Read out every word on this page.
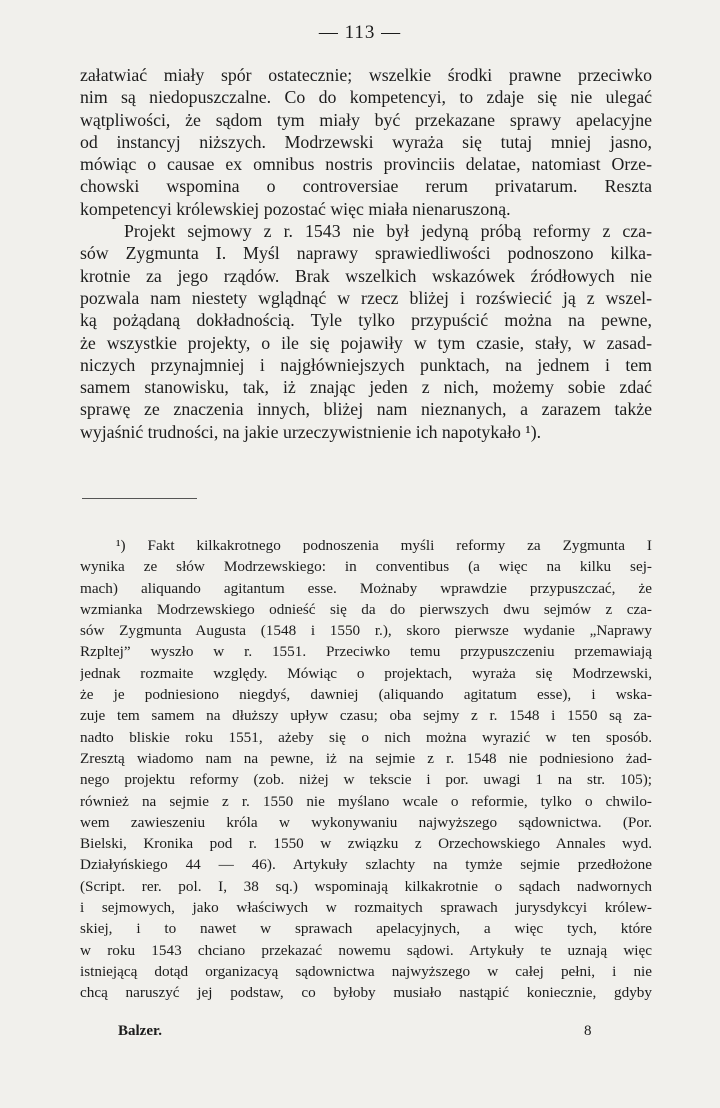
— 113 —
załatwiać miały spór ostatecznie; wszelkie środki prawne przeciwko
nim są niedopuszczalne. Co do kompetencyi, to zdaje się nie ulegać
wątpliwości, że sądom tym miały być przekazane sprawy apelacyjne
od instancyj niższych. Modrzewski wyraża się tutaj mniej jasno,
mówiąc o causae ex omnibus nostris provinciis delatae, natomiast Orze-
chowski wspomina o controversiae rerum privatarum. Reszta
kompetencyi królewskiej pozostać więc miała nienaruszoną.
Projekt sejmowy z r. 1543 nie był jedyną próbą reformy z cza-
sów Zygmunta I. Myśl naprawy sprawiedliwości podnoszono kilka-
krotnie za jego rządów. Brak wszelkich wskazówek źródłowych nie
pozwala nam niestety wglądnąć w rzecz bliżej i rozświecić ją z wszel-
ką pożądaną dokładnością. Tyle tylko przypuścić można na pewne,
że wszystkie projekty, o ile się pojawiły w tym czasie, stały, w zasad-
niczych przynajmniej i najgłówniejszych punktach, na jednem i tem
samem stanowisku, tak, iż znając jeden z nich, możemy sobie zdać
sprawę ze znaczenia innych, bliżej nam nieznanych, a zarazem także
wyjaśnić trudności, na jakie urzeczywistnienie ich napotykało ¹).
¹) Fakt kilkakrotnego podnoszenia myśli reformy za Zygmunta I
wynika ze słów Modrzewskiego: in conventibus (a więc na kilku sej-
mach) aliquando agitantum esse. Możnaby wprawdzie przypuszczać, że
wzmianka Modrzewskiego odnieść się da do pierwszych dwu sejmów z cza-
sów Zygmunta Augusta (1548 i 1550 r.), skoro pierwsze wydanie „Naprawy
Rzpltej” wyszło w r. 1551. Przeciwko temu przypuszczeniu przemawiają
jednak rozmaite względy. Mówiąc o projektach, wyraża się Modrzewski,
że je podniesiono niegdyś, dawniej (aliquando agitatum esse), i wska-
zuje tem samem na dłuższy upływ czasu; oba sejmy z r. 1548 i 1550 są za-
nadto bliskie roku 1551, ażeby się o nich można wyrazić w ten sposób.
Zresztą wiadomo nam na pewne, iż na sejmie z r. 1548 nie podniesiono żad-
nego projektu reformy (zob. niżej w tekscie i por. uwagi 1 na str. 105);
również na sejmie z r. 1550 nie myślano wcale o reformie, tylko o chwilo-
wem zawieszeniu króla w wykonywaniu najwyższego sądownictwa. (Por.
Bielski, Kronika pod r. 1550 w związku z Orzechowskiego Annales wyd.
Działyńskiego 44 — 46). Artykuły szlachty na tymże sejmie przedłożone
(Script. rer. pol. I, 38 sq.) wspominają kilkakrotnie o sądach nadwornych
i sejmowych, jako właściwych w rozmaitych sprawach jurysdykcyi królew-
skiej, i to nawet w sprawach apelacyjnych, a więc tych, które
w roku 1543 chciano przekazać nowemu sądowi. Artykuły te uznają więc
istniejącą dotąd organizacyą sądownictwa najwyższego w całej pełni, i nie
chcą naruszyć jej podstaw, co byłoby musiało nastąpić koniecznie, gdyby
Balzer.	8
